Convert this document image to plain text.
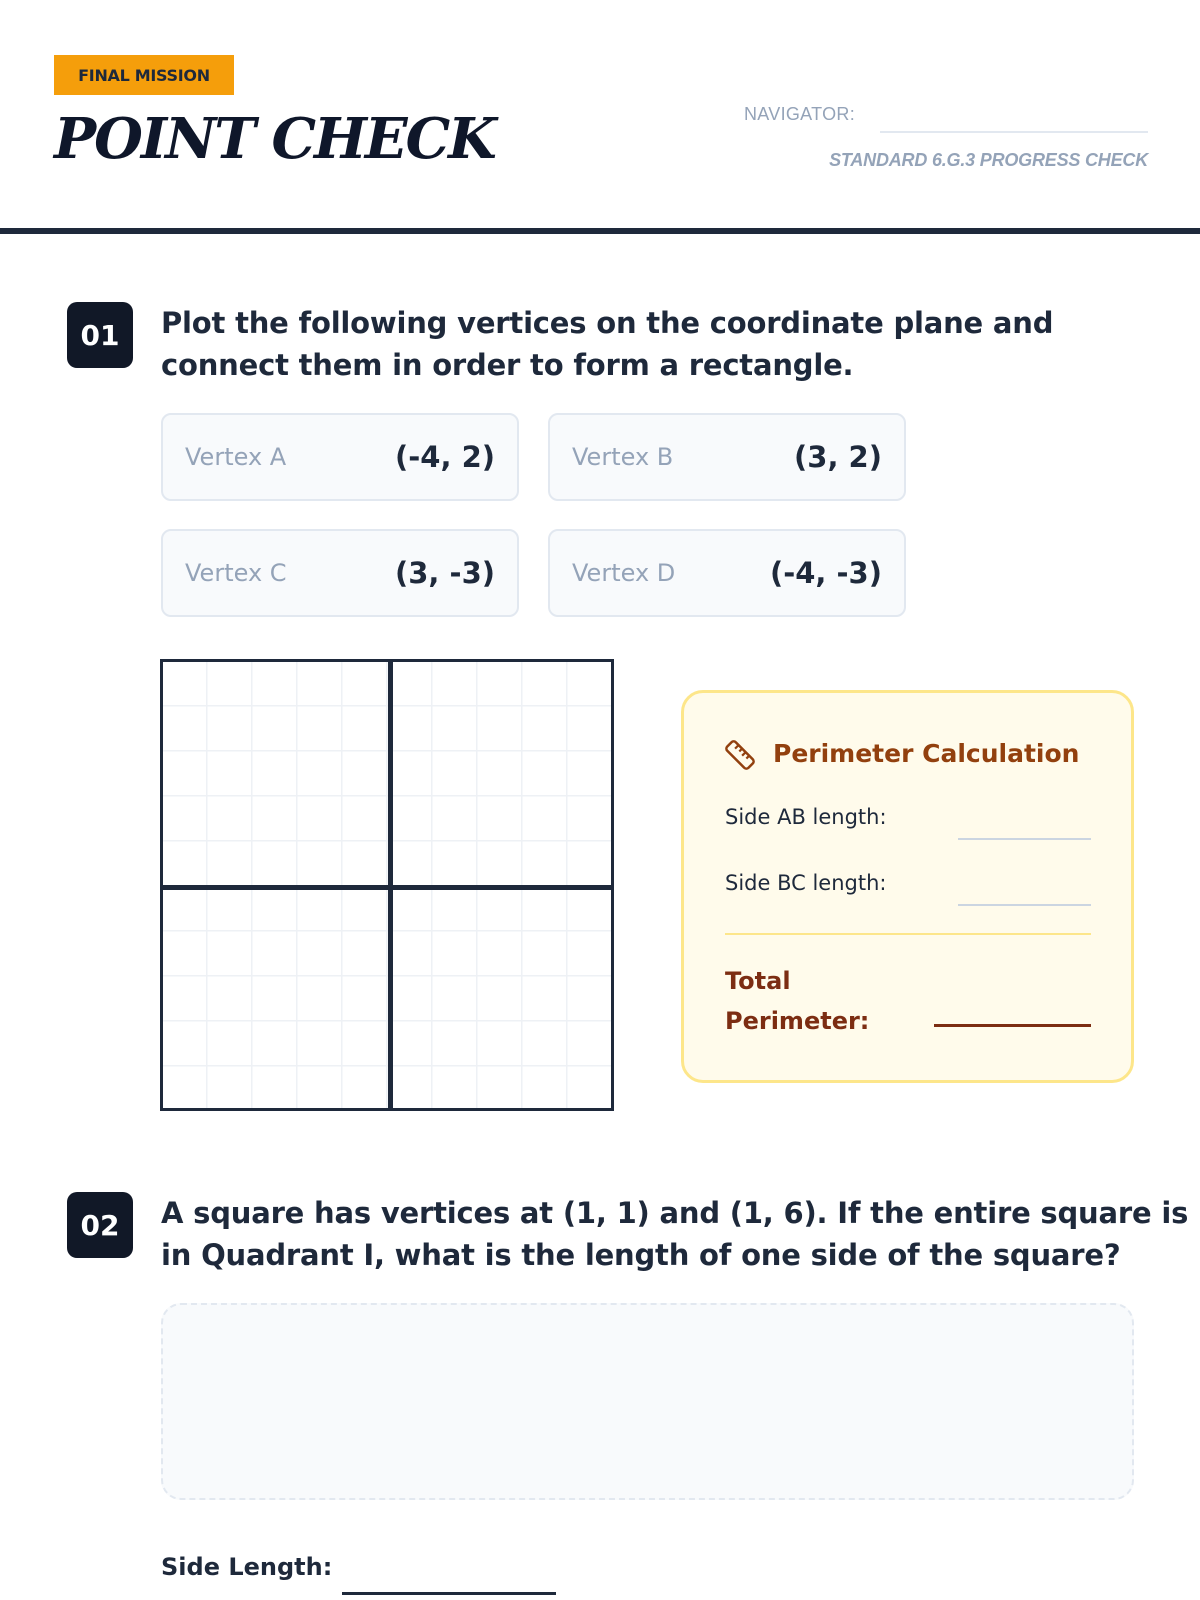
FINAL MISSION
POINT CHECK	NAVIGATOR:
STANDARD 6.G.3 PROGRESS CHECK
01	Plot the following vertices on the coordinate plane and
connect them in order to form a rectangle.
Vertex A	(-4, 2)	Vertex B	(3, 2)
Vertex C	(3, -3)	Vertex D	(-4, -3)
Perimeter Calculation
Side AB length:
Side BC length:
Total
Perimeter:
02	A square has vertices at (1, 1) and (1, 6). If the entire square is
in Quadrant I, what is the length of one side of the square?
Side Length:
